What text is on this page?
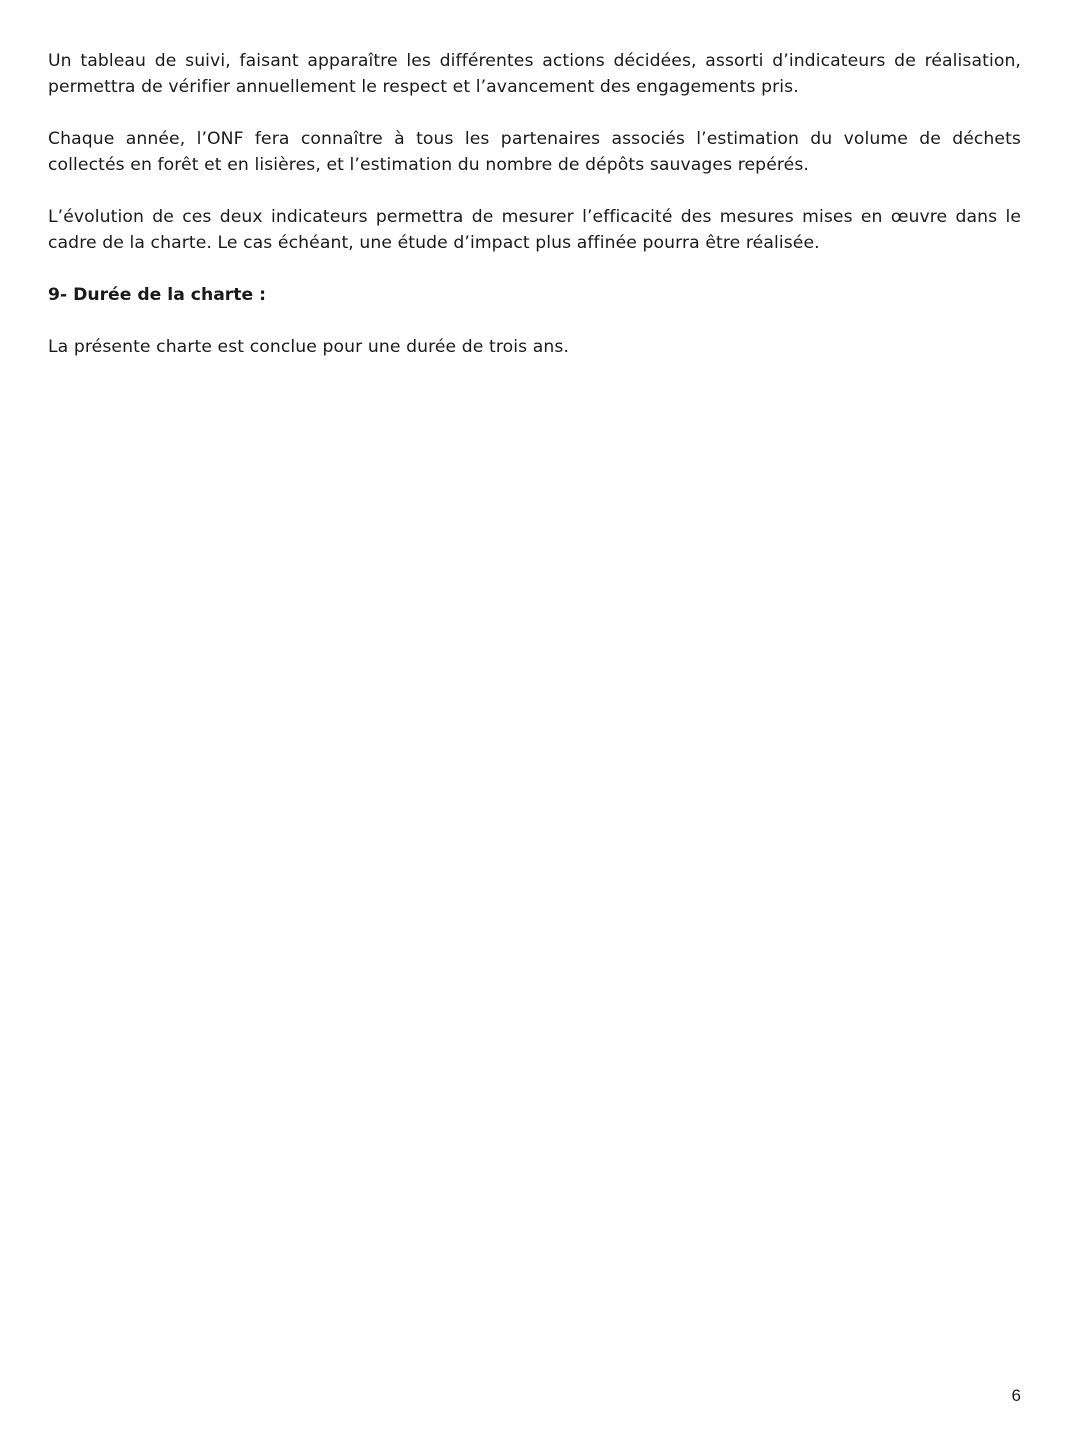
Un tableau de suivi, faisant apparaître les différentes actions décidées, assorti d’indicateurs de réalisation, permettra de vérifier annuellement le respect et l’avancement des engagements pris.

Chaque année, l’ONF fera connaître à tous les partenaires associés l’estimation du volume de déchets collectés en forêt et en lisières, et l’estimation du nombre de dépôts sauvages repérés.

L’évolution de ces deux indicateurs permettra de mesurer l’efficacité des mesures mises en œuvre dans le cadre de la charte. Le cas échéant, une étude d’impact plus affinée pourra être réalisée.

9- Durée de la charte :

La présente charte est conclue pour une durée de trois ans.

6
